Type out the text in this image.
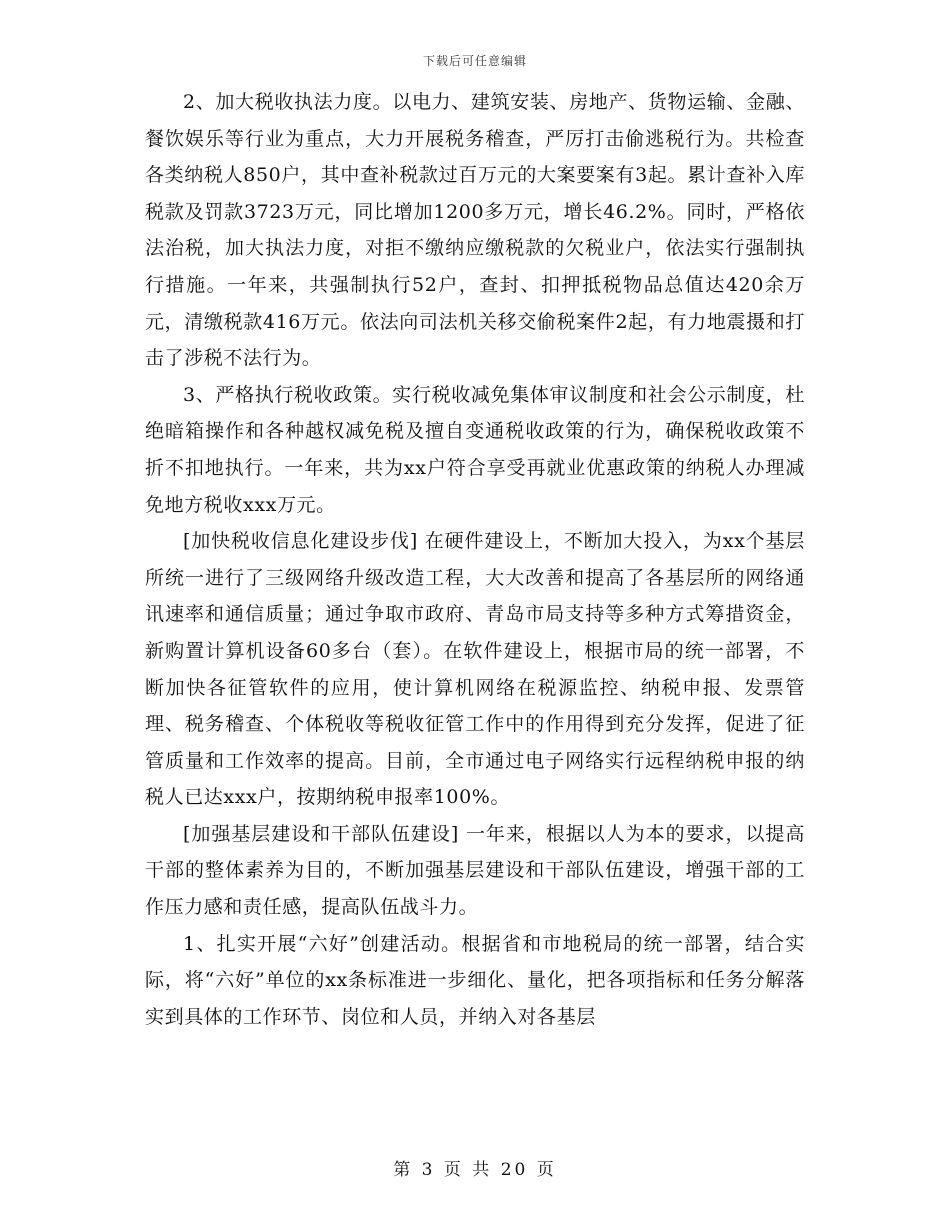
下载后可任意编辑

2、加大税收执法力度。以电力、建筑安装、房地产、货物运输、金融、餐饮娱乐等行业为重点，大力开展税务稽查，严厉打击偷逃税行为。共检查各类纳税人850户，其中查补税款过百万元的大案要案有3起。累计查补入库税款及罚款3723万元，同比增加1200多万元，增长46.2%。同时，严格依法治税，加大执法力度，对拒不缴纳应缴税款的欠税业户，依法实行强制执行措施。一年来，共强制执行52户，查封、扣押抵税物品总值达420余万元，清缴税款416万元。依法向司法机关移交偷税案件2起，有力地震摄和打击了涉税不法行为。

3、严格执行税收政策。实行税收减免集体审议制度和社会公示制度，杜绝暗箱操作和各种越权减免税及擅自变通税收政策的行为，确保税收政策不折不扣地执行。一年来，共为xx户符合享受再就业优惠政策的纳税人办理减免地方税收xxx万元。

[加快税收信息化建设步伐] 在硬件建设上，不断加大投入，为xx个基层所统一进行了三级网络升级改造工程，大大改善和提高了各基层所的网络通讯速率和通信质量；通过争取市政府、青岛市局支持等多种方式筹措资金，新购置计算机设备60多台（套）。在软件建设上，根据市局的统一部署，不断加快各征管软件的应用，使计算机网络在税源监控、纳税申报、发票管理、税务稽查、个体税收等税收征管工作中的作用得到充分发挥，促进了征管质量和工作效率的提高。目前，全市通过电子网络实行远程纳税申报的纳税人已达xxx户，按期纳税申报率100%。

[加强基层建设和干部队伍建设] 一年来，根据以人为本的要求，以提高干部的整体素养为目的，不断加强基层建设和干部队伍建设，增强干部的工作压力感和责任感，提高队伍战斗力。

1、扎实开展“六好”创建活动。根据省和市地税局的统一部署，结合实际，将“六好”单位的xx条标准进一步细化、量化，把各项指标和任务分解落实到具体的工作环节、岗位和人员，并纳入对各基层

第 3 页 共 20 页
